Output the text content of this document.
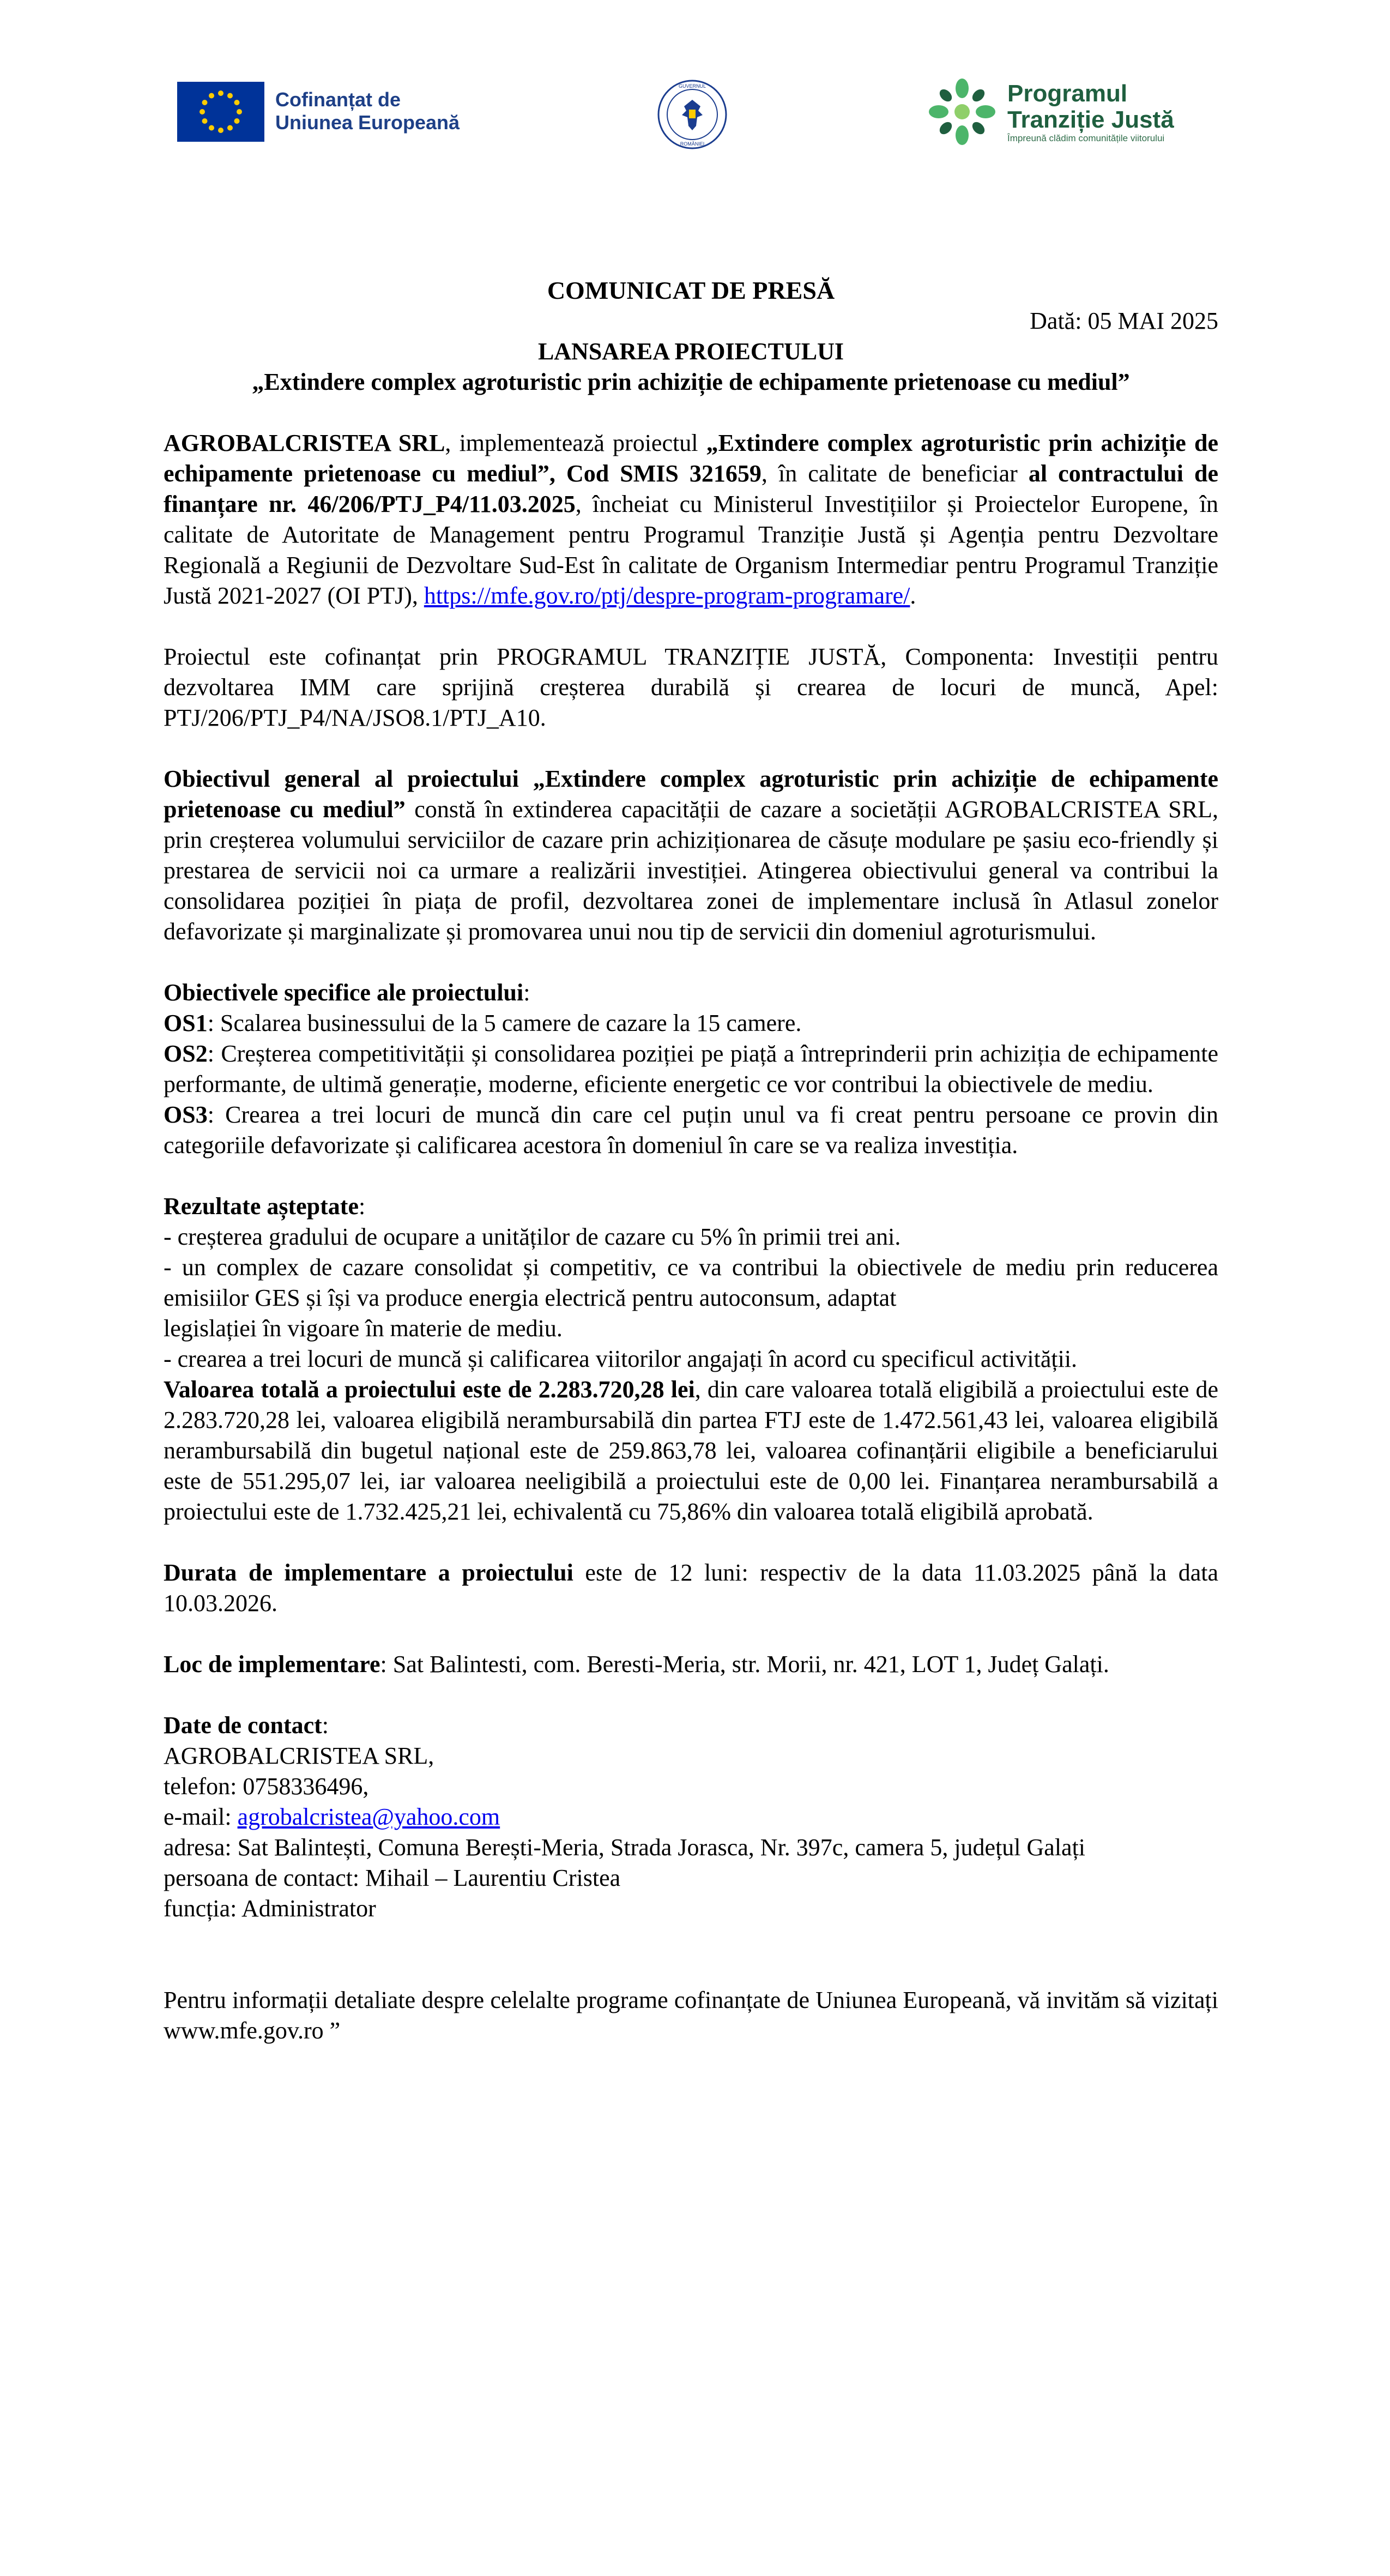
Cofinanțat de
Uniunea Europeană
GUVERNUL
ROMÂNIEI
Programul
Tranziție Justă
Împreună clădim comunitățile viitorului

COMUNICAT DE PRESĂ

Dată: 05 MAI 2025

LANSAREA PROIECTULUI

„Extindere complex agroturistic prin achiziție de echipamente prietenoase cu mediul”

AGROBALCRISTEA SRL, implementează proiectul „Extindere complex agroturistic prin achiziție de echipamente prietenoase cu mediul”, Cod SMIS 321659, în calitate de beneficiar al contractului de finanțare nr. 46/206/PTJ_P4/11.03.2025, încheiat cu Ministerul Investițiilor și Proiectelor Europene, în calitate de Autoritate de Management pentru Programul Tranziție Justă și Agenția pentru Dezvoltare Regională a Regiunii de Dezvoltare Sud-Est în calitate de Organism Intermediar pentru Programul Tranziție Justă 2021-2027 (OI PTJ), https://mfe.gov.ro/ptj/despre-program-programare/.

Proiectul este cofinanțat prin PROGRAMUL TRANZIȚIE JUSTĂ, Componenta: Investiții pentru dezvoltarea IMM care sprijină creșterea durabilă și crearea de locuri de muncă, Apel: PTJ/206/PTJ_P4/NA/JSO8.1/PTJ_A10.

Obiectivul general al proiectului „Extindere complex agroturistic prin achiziție de echipamente prietenoase cu mediul” constă în extinderea capacității de cazare a societății AGROBALCRISTEA SRL, prin creșterea volumului serviciilor de cazare prin achiziționarea de căsuțe modulare pe șasiu eco-friendly și prestarea de servicii noi ca urmare a realizării investiției. Atingerea obiectivului general va contribui la consolidarea poziției în piața de profil, dezvoltarea zonei de implementare inclusă în Atlasul zonelor defavorizate și marginalizate și promovarea unui nou tip de servicii din domeniul agroturismului.

Obiectivele specifice ale proiectului:

OS1: Scalarea businessului de la 5 camere de cazare la 15 camere.

OS2: Creșterea competitivității și consolidarea poziției pe piață a întreprinderii prin achiziția de echipamente performante, de ultimă generație, moderne, eficiente energetic ce vor contribui la obiectivele de mediu.

OS3: Crearea a trei locuri de muncă din care cel puțin unul va fi creat pentru persoane ce provin din categoriile defavorizate și calificarea acestora în domeniul în care se va realiza investiția.

Rezultate așteptate:

- creșterea gradului de ocupare a unităților de cazare cu 5% în primii trei ani.

- un complex de cazare consolidat și competitiv, ce va contribui la obiectivele de mediu prin reducerea emisiilor GES și își va produce energia electrică pentru autoconsum, adaptat

legislației în vigoare în materie de mediu.

- crearea a trei locuri de muncă și calificarea viitorilor angajați în acord cu specificul activității.

Valoarea totală a proiectului este de 2.283.720,28 lei, din care valoarea totală eligibilă a proiectului este de 2.283.720,28 lei, valoarea eligibilă nerambursabilă din partea FTJ este de 1.472.561,43 lei, valoarea eligibilă nerambursabilă din bugetul național este de 259.863,78 lei, valoarea cofinanțării eligibile a beneficiarului este de 551.295,07 lei, iar valoarea neeligibilă a proiectului este de 0,00 lei. Finanțarea nerambursabilă a proiectului este de 1.732.425,21 lei, echivalentă cu 75,86% din valoarea totală eligibilă aprobată.

Durata de implementare a proiectului este de 12 luni: respectiv de la data 11.03.2025 până la data 10.03.2026.

Loc de implementare: Sat Balintesti, com. Beresti-Meria, str. Morii, nr. 421, LOT 1, Județ Galați.

Date de contact:

AGROBALCRISTEA SRL,

telefon: 0758336496,

e-mail: agrobalcristea@yahoo.com

adresa: Sat Balintești, Comuna Berești-Meria, Strada Jorasca, Nr. 397c, camera 5, județul Galați

persoana de contact: Mihail – Laurentiu Cristea

funcția: Administrator

Pentru informații detaliate despre celelalte programe cofinanțate de Uniunea Europeană, vă invităm să vizitați www.mfe.gov.ro ”
